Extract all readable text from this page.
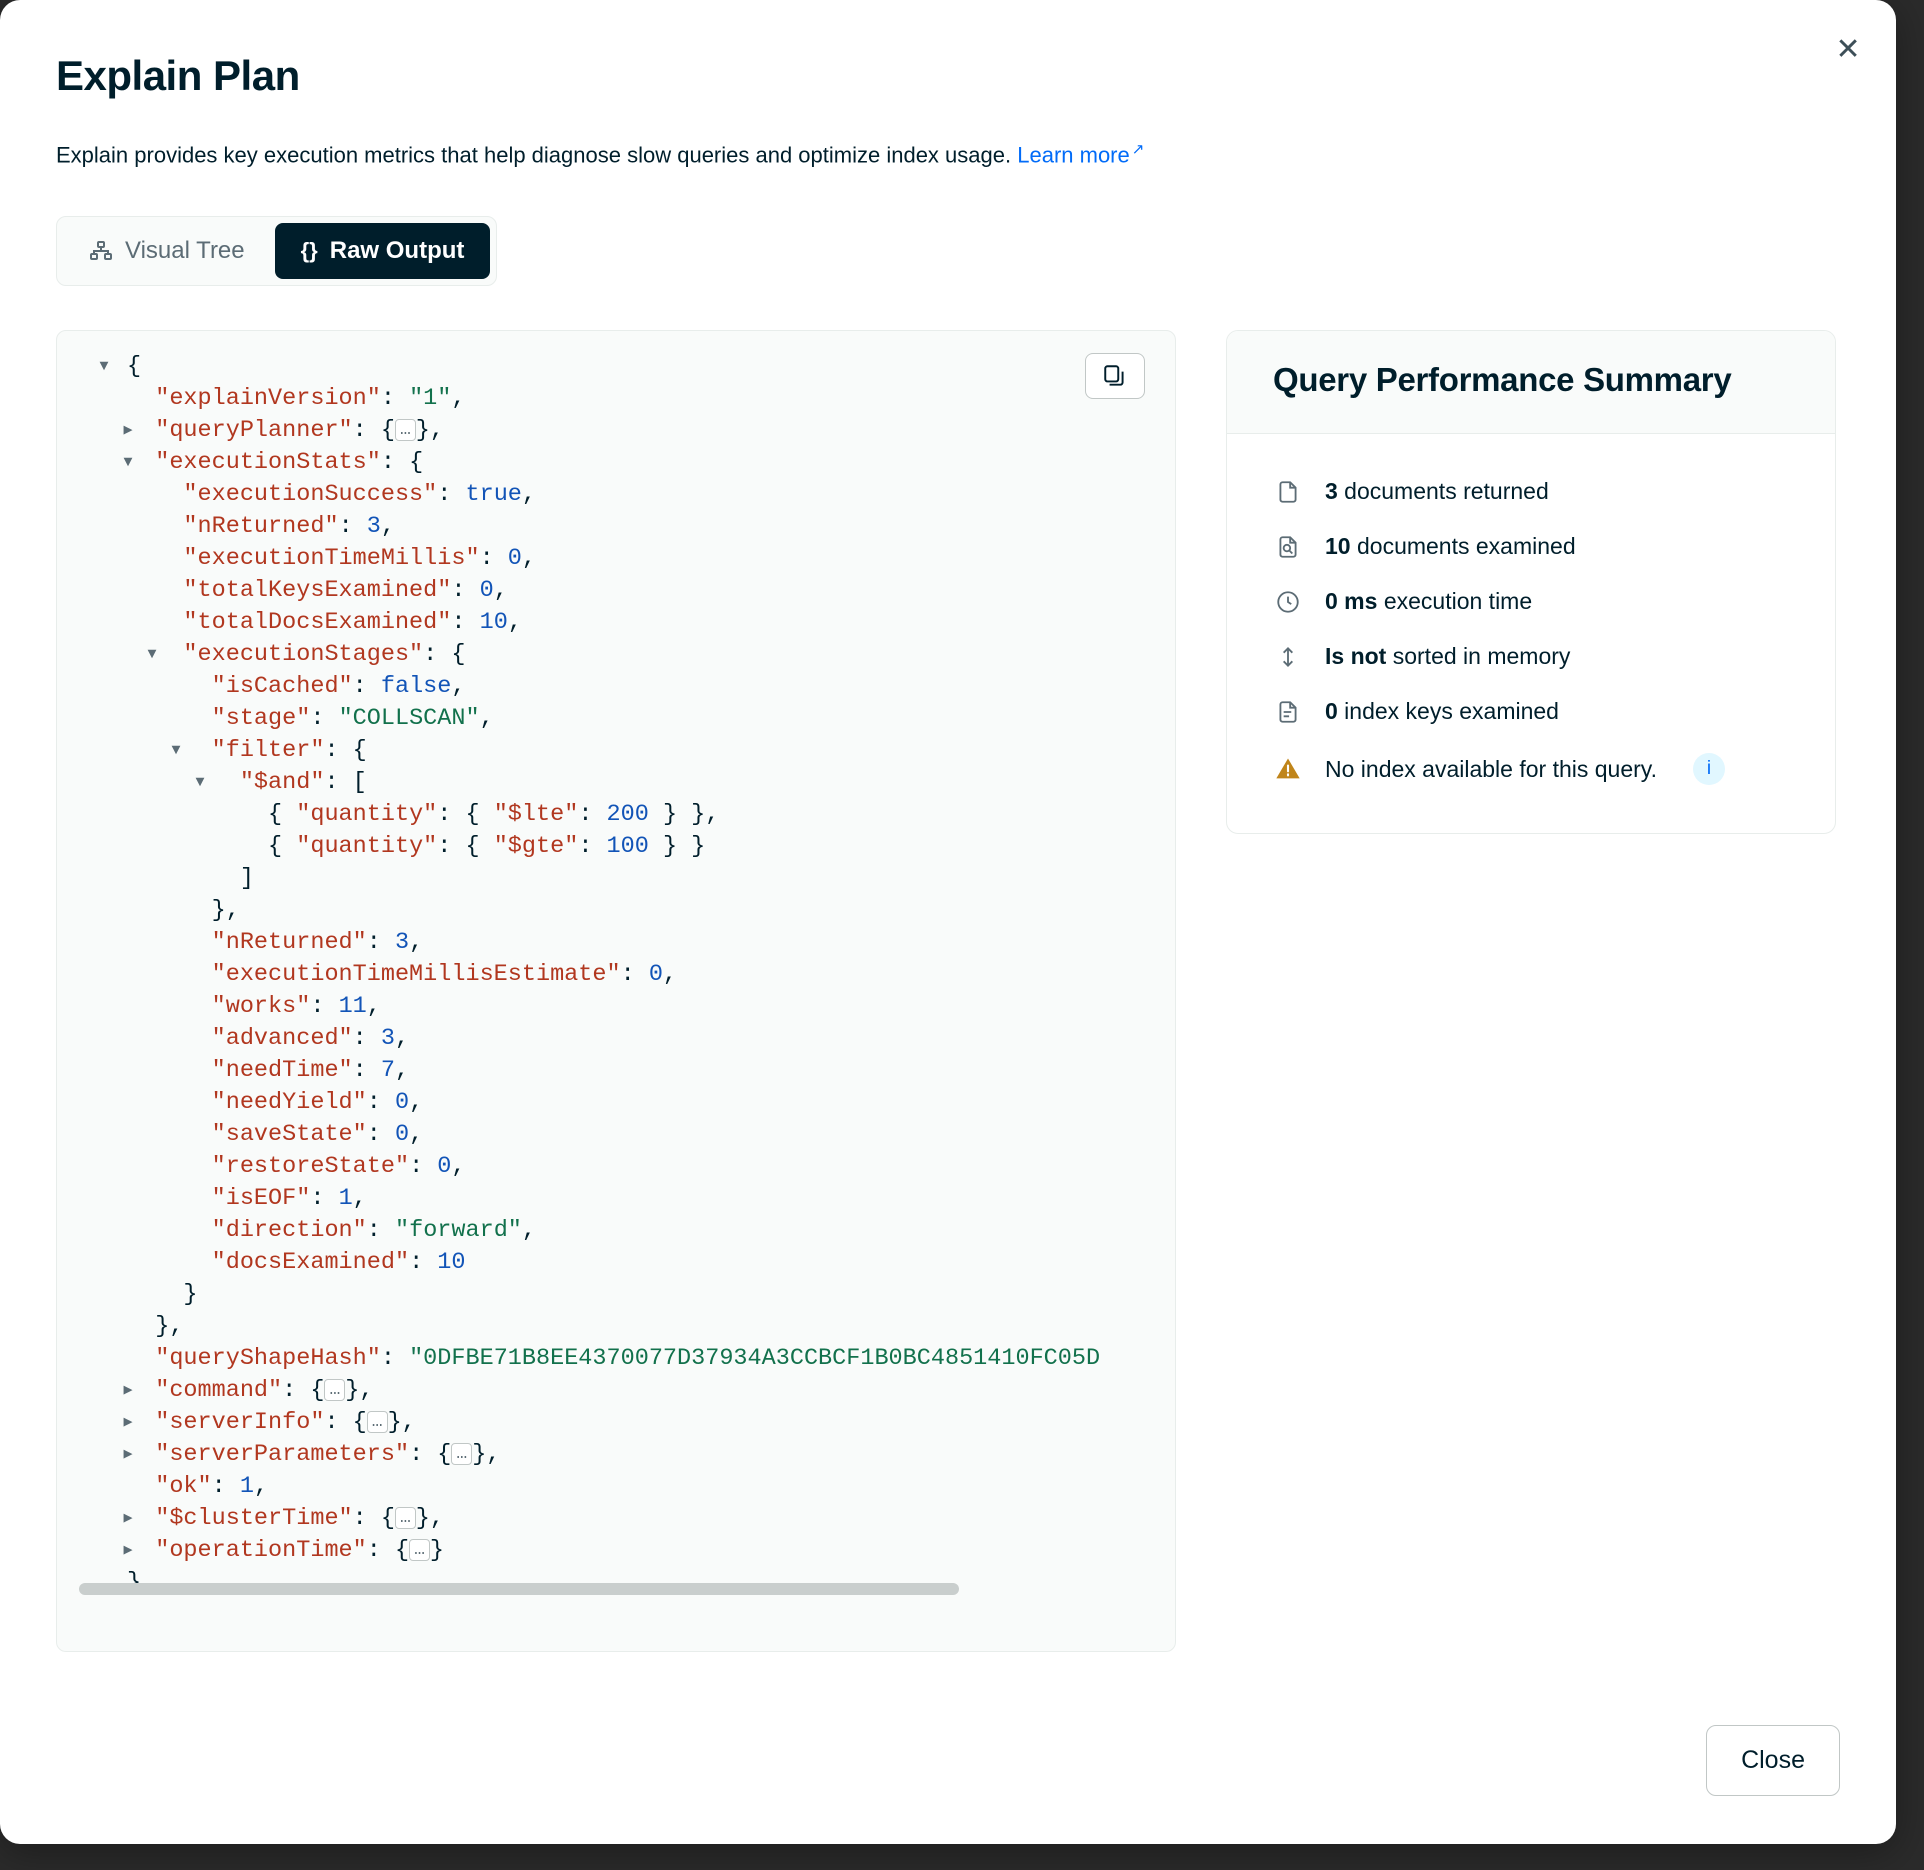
✕
Explain Plan
Explain provides key execution metrics that help diagnose slow queries and optimize index usage. Learn more ↗
Visual Tree	{} Raw Output
▼ {
"explainVersion": "1",
▶ "queryPlanner": { … },
▼ "executionStats": {
"executionSuccess": true,
"nReturned": 3,
"executionTimeMillis": 0,
"totalKeysExamined": 0,
"totalDocsExamined": 10,
▼ "executionStages": {
"isCached": false,
"stage": "COLLSCAN",
▼ "filter": {
▼ "$and": [
{ "quantity": { "$lte": 200 } },
{ "quantity": { "$gte": 100 } }
]
},
"nReturned": 3,
"executionTimeMillisEstimate": 0,
"works": 11,
"advanced": 3,
"needTime": 7,
"needYield": 0,
"saveState": 0,
"restoreState": 0,
"isEOF": 1,
"direction": "forward",
"docsExamined": 10
}
},
"queryShapeHash": "0DFBE71B8EE4370077D37934A3CCBCF1B0BC4851410FC05D
▶ "command": { … },
▶ "serverInfo": { … },
▶ "serverParameters": { … },
"ok": 1,
▶ "$clusterTime": { … },
▶ "operationTime": { … }
Query Performance Summary
3 documents returned
10 documents examined
0 ms execution time
Is not sorted in memory
0 index keys examined
No index available for this query.	i
Close
